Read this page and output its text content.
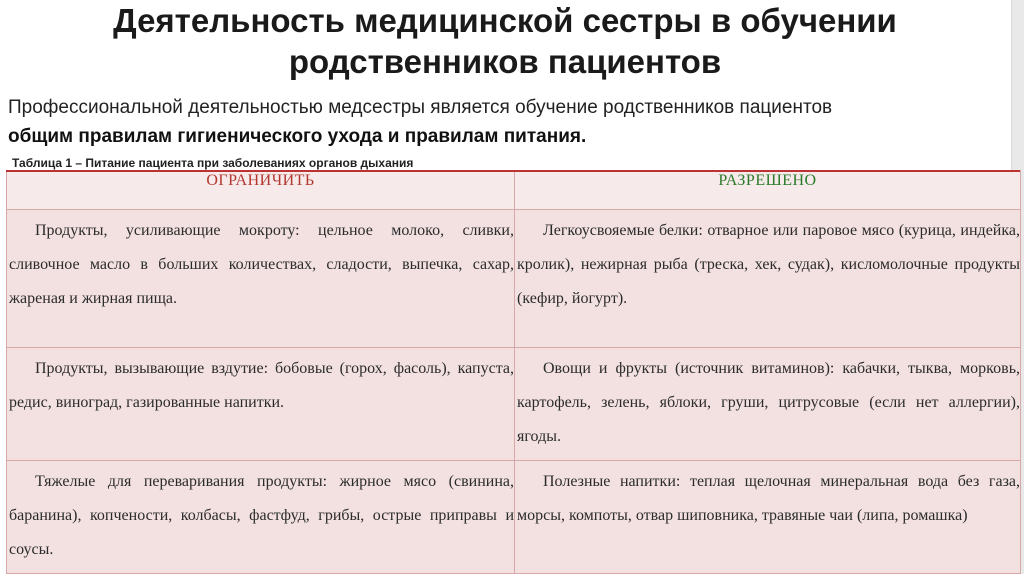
Деятельность медицинской сестры в обучении
родственников пациентов
Профессиональной деятельностью медсестры является обучение родственников пациентов
общим правилам гигиенического ухода и правилам питания.
Таблица 1 – Питание пациента при заболеваниях органов дыхания
ОГРАНИЧИТЬ	РАЗРЕШЕНО

Продукты, усиливающие мокроту: цельное молоко, сливки, сливочное масло в больших количествах, сладости, выпечка, сахар, жареная и жирная пища.	Легкоусвояемые белки: отварное или паровое мясо (курица, индейка, кролик), нежирная рыба (треска, хек, судак), кисломолочные продукты (кефир, йогурт).

Продукты, вызывающие вздутие: бобовые (горох, фасоль), капуста, редис, виноград, газированные напитки.	Овощи и фрукты (источник витаминов): кабачки, тыква, морковь, картофель, зелень, яблоки, груши, цитрусовые (если нет аллергии), ягоды.

Тяжелые для переваривания продукты: жирное мясо (свинина, баранина), копчености, колбасы, фастфуд, грибы, острые приправы и соусы.	Полезные напитки: теплая щелочная минеральная вода без газа, морсы, компоты, отвар шиповника, травяные чаи (липа, ромашка)
